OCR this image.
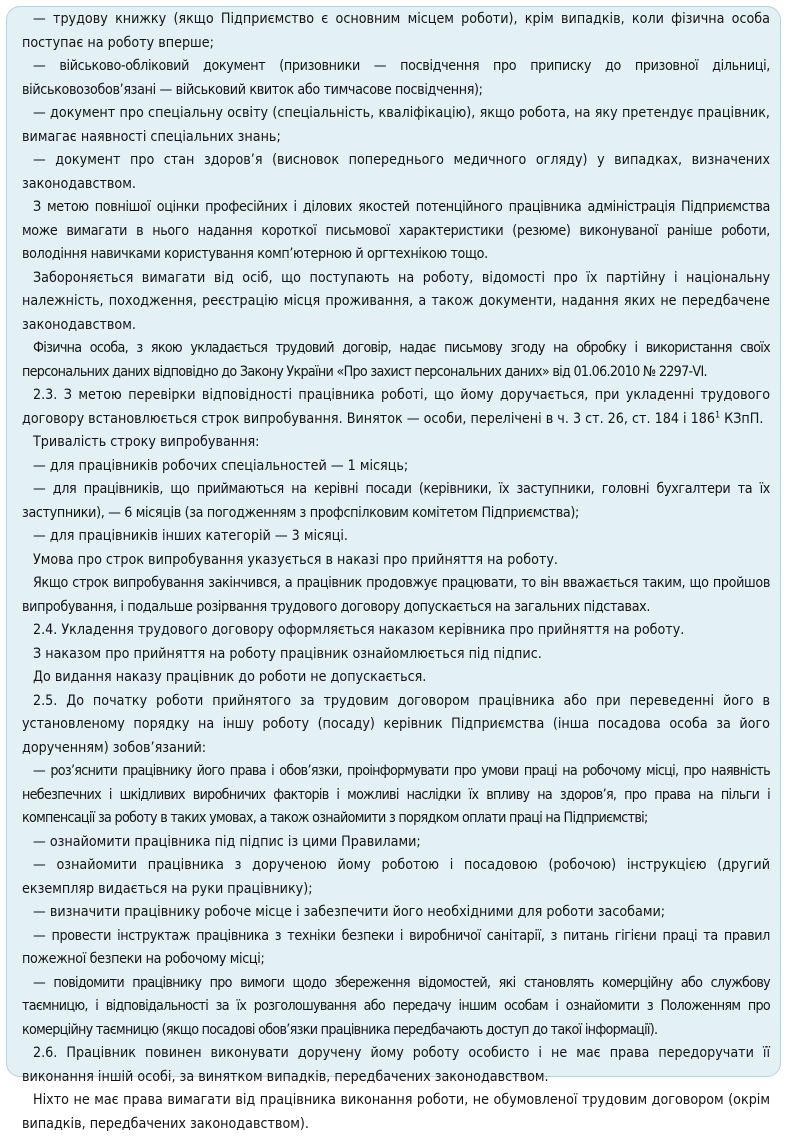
— трудову книжку (якщо Підприємство є основним місцем роботи), крім випадків, коли фізична особа поступає на роботу вперше;

— військово-обліковий документ (призовники — посвідчення про приписку до призовної дільниці, військовозобов’язані — військовий квиток або тимчасове посвідчення);

— документ про спеціальну освіту (спеціальність, кваліфікацію), якщо робота, на яку претендує працівник, вимагає наявності спеціальних знань;

— документ про стан здоров’я (висновок попереднього медичного огляду) у випадках, визначених законодавством.

З метою повнішої оцінки професійних і ділових якостей потенційного працівника адміністрація Підприємства може вимагати в нього надання короткої письмової характеристики (резюме) виконуваної раніше роботи, володіння навичками користування комп’ютерною й оргтехнікою тощо.

Забороняється вимагати від осіб, що поступають на роботу, відомості про їх партійну і національну належність, походження, реєстрацію місця проживання, а також документи, надання яких не передбачене законодавством.

Фізична особа, з якою укладається трудовий договір, надає письмову згоду на обробку і використання своїх персональних даних відповідно до Закону України «Про захист персональних даних» від 01.06.2010 № 2297-VI.

2.3. З метою перевірки відповідності працівника роботі, що йому доручається, при укладенні трудового договору встановлюється строк випробування. Виняток — особи, перелічені в ч. 3 ст. 26, ст. 184 і $186^1$ КЗпП.

Тривалість строку випробування:

— для працівників робочих спеціальностей — 1 місяць;

— для працівників, що приймаються на керівні посади (керівники, їх заступники, головні бухгалтери та їх заступники), — 6 місяців (за погодженням з профспілковим комітетом Підприємства);

— для працівників інших категорій — 3 місяці.

Умова про строк випробування указується в наказі про прийняття на роботу.

Якщо строк випробування закінчився, а працівник продовжує працювати, то він вважається таким, що пройшов випробування, і подальше розірвання трудового договору допускається на загальних підставах.

2.4. Укладення трудового договору оформляється наказом керівника про прийняття на роботу.

З наказом про прийняття на роботу працівник ознайомлюється під підпис.

До видання наказу працівник до роботи не допускається.

2.5. До початку роботи прийнятого за трудовим договором працівника або при переведенні його в установленому порядку на іншу роботу (посаду) керівник Підприємства (інша посадова особа за його дорученням) зобов’язаний:

— роз’яснити працівнику його права і обов’язки, проінформувати про умови праці на робочому місці, про наявність небезпечних і шкідливих виробничих факторів і можливі наслідки їх впливу на здоров’я, про права на пільги і компенсації за роботу в таких умовах, а також ознайомити з порядком оплати праці на Підприємстві;

— ознайомити працівника під підпис із цими Правилами;

— ознайомити працівника з дорученою йому роботою і посадовою (робочою) інструкцією (другий екземпляр видається на руки працівнику);

— визначити працівнику робоче місце і забезпечити його необхідними для роботи засобами;

— провести інструктаж працівника з техніки безпеки і виробничої санітарії, з питань гігієни праці та правил пожежної безпеки на робочому місці;

— повідомити працівнику про вимоги щодо збереження відомостей, які становлять комерційну або службову таємницю, і відповідальності за їх розголошування або передачу іншим особам і ознайомити з Положенням про комерційну таємницю (якщо посадові обов’язки працівника передбачають доступ до такої інформації).

2.6. Працівник повинен виконувати доручену йому роботу особисто і не має права передоручати її виконання іншій особі, за винятком випадків, передбачених законодавством.

Ніхто не має права вимагати від працівника виконання роботи, не обумовленої трудовим договором (окрім випадків, передбачених законодавством).
